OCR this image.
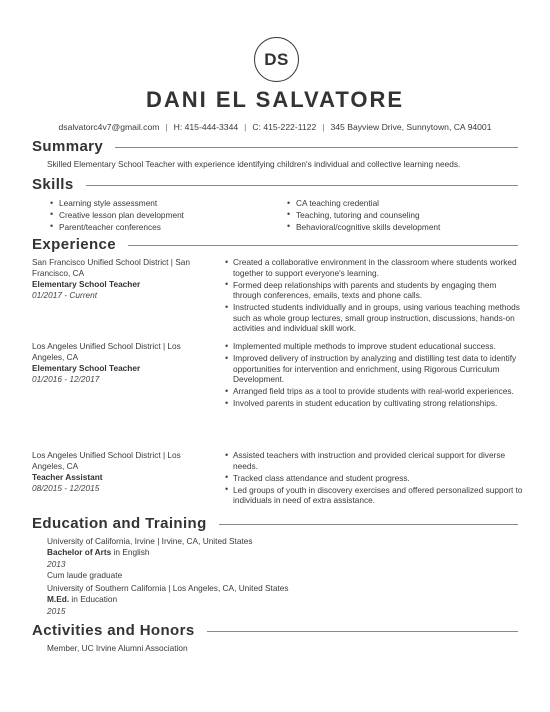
DS
DANI EL SALVATORE
dsalvatorc4v7@gmail.com | H: 415-444-3344 | C: 415-222-1122 | 345 Bayview Drive, Sunnytown, CA 94001
Summary
Skilled Elementary School Teacher with experience identifying children's individual and collective learning needs.
Skills
• Learning style assessment
• Creative lesson plan development
• Parent/teacher conferences
• CA teaching credential
• Teaching, tutoring and counseling
• Behavioral/cognitive skills development
Experience
San Francisco Unified School District | San Francisco, CA
Elementary School Teacher
01/2017 - Current
• Created a collaborative environment in the classroom where students worked together to support everyone's learning.
• Formed deep relationships with parents and students by engaging them through conferences, emails, texts and phone calls.
• Instructed students individually and in groups, using various teaching methods such as whole group lectures, small group instruction, discussions, hands-on activities and individual skill work.
Los Angeles Unified School District | Los Angeles, CA
Elementary School Teacher
01/2016 - 12/2017
• Implemented multiple methods to improve student educational success.
• Improved delivery of instruction by analyzing and distilling test data to identify opportunities for intervention and enrichment, using Rigorous Curriculum Development.
• Arranged field trips as a tool to provide students with real-world experiences.
• Involved parents in student education by cultivating strong relationships.
Los Angeles Unified School District | Los Angeles, CA
Teacher Assistant
08/2015 - 12/2015
• Assisted teachers with instruction and provided clerical support for diverse needs.
• Tracked class attendance and student progress.
• Led groups of youth in discovery exercises and offered personalized support to individuals in need of extra assistance.
Education and Training
University of California, Irvine | Irvine, CA, United States
Bachelor of Arts in English
2013
Cum laude graduate
University of Southern California | Los Angeles, CA, United States
M.Ed. in Education
2015
Activities and Honors
Member, UC Irvine Alumni Association
